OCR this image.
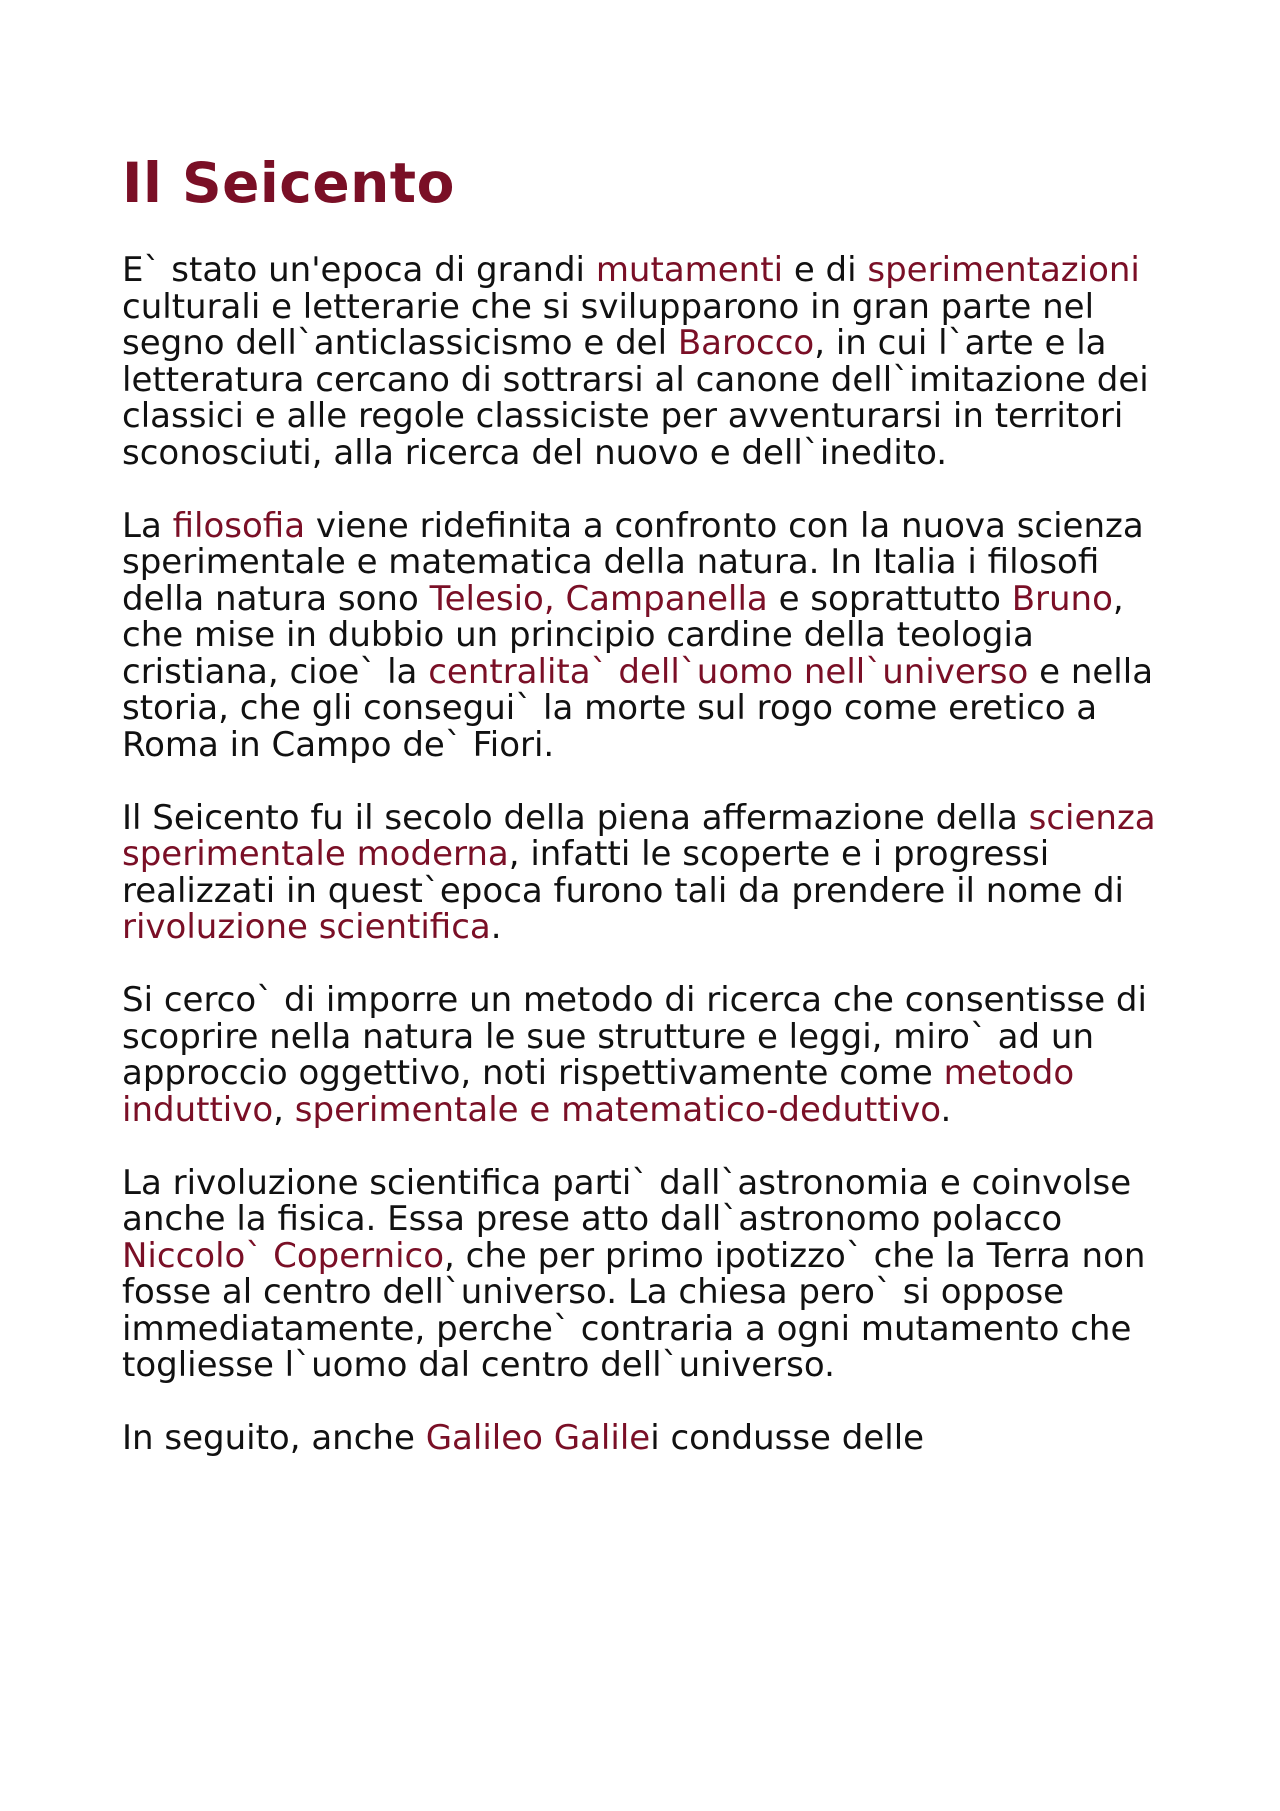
Il Seicento

E` stato un'epoca di grandi mutamenti e di sperimentazioni culturali e letterarie che si svilupparono in gran parte nel segno dell`anticlassicismo e del Barocco, in cui l`arte e la letteratura cercano di sottrarsi al canone dell`imitazione dei classici e alle regole classiciste per avventurarsi in territori sconosciuti, alla ricerca del nuovo e dell`inedito.

La filosofia viene ridefinita a confronto con la nuova scienza sperimentale e matematica della natura. In Italia i filosofi della natura sono Telesio, Campanella e soprattutto Bruno, che mise in dubbio un principio cardine della teologia cristiana, cioe` la centralita` dell`uomo nell`universo e nella storia, che gli consegui` la morte sul rogo come eretico a Roma in Campo de` Fiori.

Il Seicento fu il secolo della piena affermazione della scienza sperimentale moderna, infatti le scoperte e i progressi realizzati in quest`epoca furono tali da prendere il nome di rivoluzione scientifica.

Si cerco` di imporre un metodo di ricerca che consentisse di scoprire nella natura le sue strutture e leggi, miro` ad un approccio oggettivo, noti rispettivamente come metodo induttivo, sperimentale e matematico-deduttivo.

La rivoluzione scientifica parti` dall`astronomia e coinvolse anche la fisica. Essa prese atto dall`astronomo polacco Niccolo` Copernico, che per primo ipotizzo` che la Terra non fosse al centro dell`universo. La chiesa pero` si oppose immediatamente, perche` contraria a ogni mutamento che togliesse l`uomo dal centro dell`universo.

In seguito, anche Galileo Galilei condusse delle
